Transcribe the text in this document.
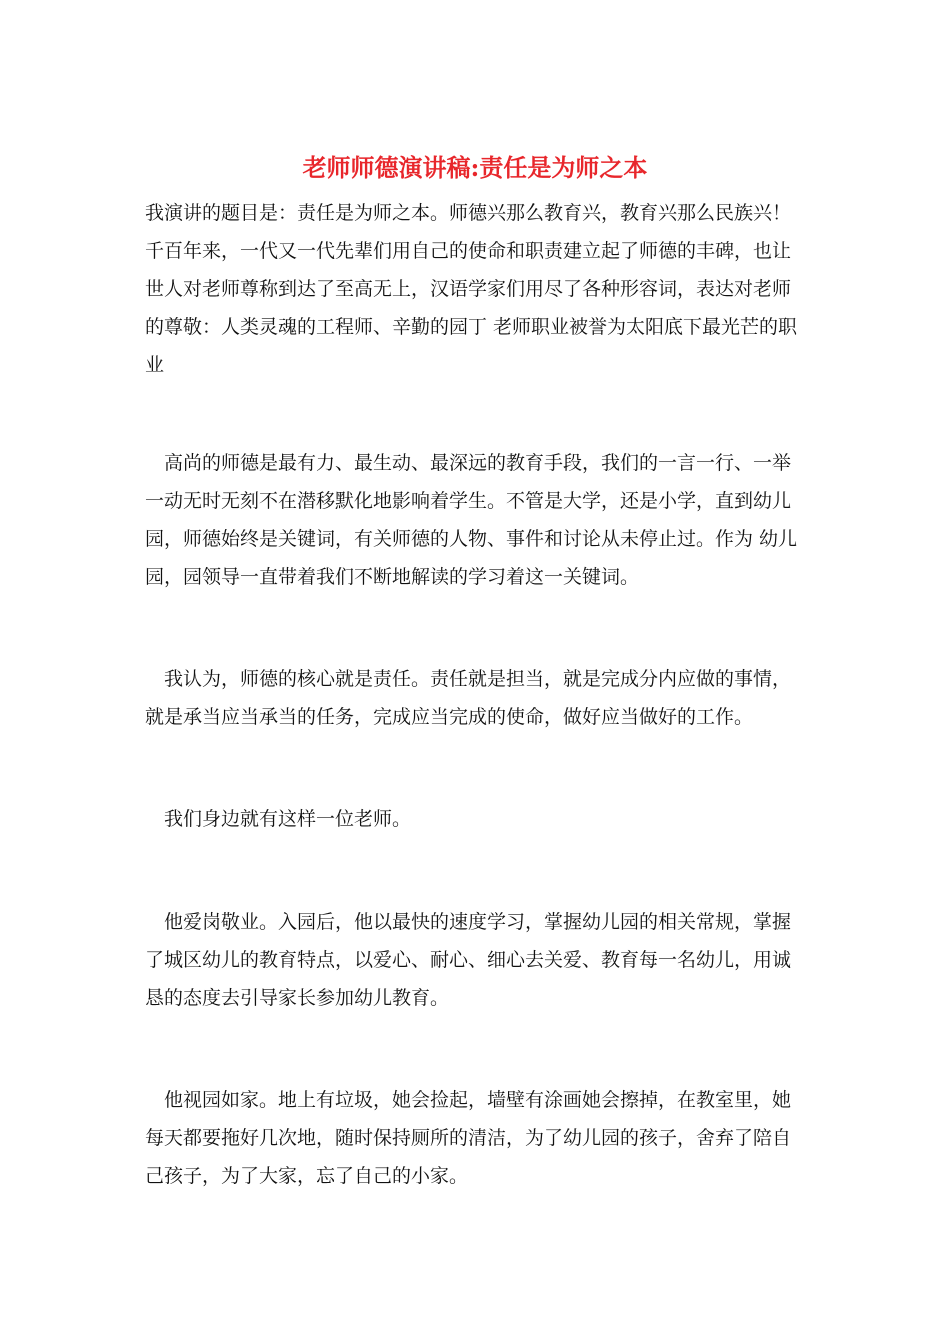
老师师德演讲稿:责任是为师之本
我演讲的题目是：责任是为师之本。师德兴那么教育兴，教育兴那么民族兴！
千百年来，一代又一代先辈们用自己的使命和职责建立起了师德的丰碑，也让
世人对老师尊称到达了至高无上，汉语学家们用尽了各种形容词，表达对老师
的尊敬：人类灵魂的工程师、辛勤的园丁 老师职业被誉为太阳底下最光芒的职
业
高尚的师德是最有力、最生动、最深远的教育手段，我们的一言一行、一举
一动无时无刻不在潜移默化地影响着学生。不管是大学，还是小学，直到幼儿
园，师德始终是关键词，有关师德的人物、事件和讨论从未停止过。作为 幼儿
园，园领导一直带着我们不断地解读的学习着这一关键词。
我认为，师德的核心就是责任。责任就是担当，就是完成分内应做的事情，
就是承当应当承当的任务，完成应当完成的使命，做好应当做好的工作。
我们身边就有这样一位老师。
他爱岗敬业。入园后，他以最快的速度学习，掌握幼儿园的相关常规，掌握
了城区幼儿的教育特点，以爱心、耐心、细心去关爱、教育每一名幼儿，用诚
恳的态度去引导家长参加幼儿教育。
他视园如家。地上有垃圾，她会捡起，墙壁有涂画她会擦掉，在教室里，她
每天都要拖好几次地，随时保持厕所的清洁，为了幼儿园的孩子，舍弃了陪自
己孩子，为了大家，忘了自己的小家。
